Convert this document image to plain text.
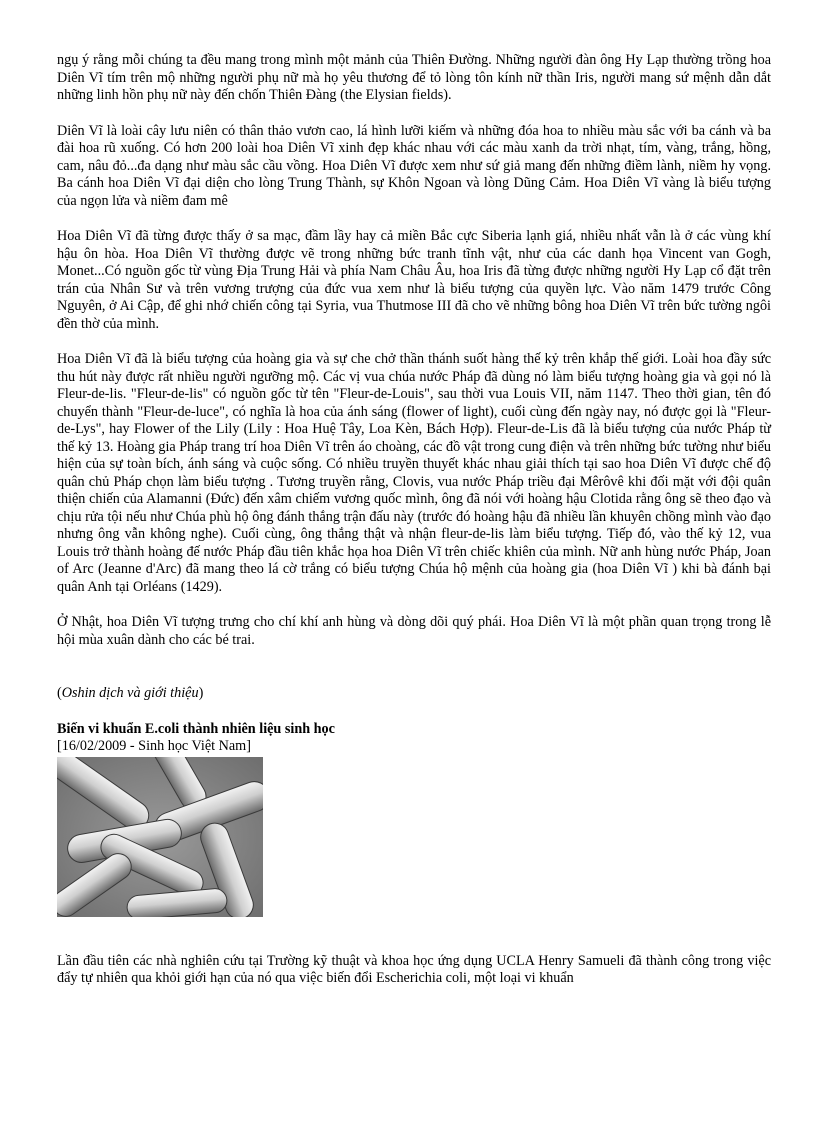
ngụ ý rằng mỗi chúng ta đều mang trong mình một mảnh của Thiên Đường. Những người đàn ông Hy Lạp thường trồng hoa Diên Vĩ tím trên mộ những người phụ nữ mà họ yêu thương để tỏ lòng tôn kính nữ thần Iris, người mang sứ mệnh dẫn dắt những linh hồn phụ nữ này đến chốn Thiên Đàng (the Elysian fields).

Diên Vĩ là loài cây lưu niên có thân thảo vươn cao, lá hình lưỡi kiếm và những đóa hoa to nhiều màu sắc với ba cánh và ba đài hoa rũ xuống. Có hơn 200 loài hoa Diên Vĩ xinh đẹp khác nhau với các màu xanh da trời nhạt, tím, vàng, trắng, hồng, cam, nâu đỏ...đa dạng như màu sắc cầu vồng. Hoa Diên Vĩ được xem như sứ giả mang đến những điềm lành, niềm hy vọng. Ba cánh hoa Diên Vĩ đại diện cho lòng Trung Thành, sự Khôn Ngoan và lòng Dũng Cảm. Hoa Diên Vĩ vàng là biểu tượng của ngọn lửa và niềm đam mê

Hoa Diên Vĩ đã từng được thấy ở sa mạc, đầm lầy hay cả miền Bắc cực Siberia lạnh giá, nhiều nhất vẫn là ở các vùng khí hậu ôn hòa. Hoa Diên Vĩ thường được vẽ trong những bức tranh tĩnh vật, như của các danh họa Vincent van Gogh, Monet...Có nguồn gốc từ vùng Địa Trung Hải và phía Nam Châu Âu, hoa Iris đã từng được những người Hy Lạp cổ đặt trên trán của Nhân Sư và trên vương trượng của đức vua xem như là biểu tượng của quyền lực. Vào năm 1479 trước Công Nguyên, ở Ai Cập, để ghi nhớ chiến công tại Syria, vua Thutmose III đã cho vẽ những bông hoa Diên Vĩ trên bức tường ngôi đền thờ của mình.

Hoa Diên Vĩ đã là biểu tượng của hoàng gia và sự che chở thần thánh suốt hàng thế kỷ trên khắp thế giới. Loài hoa đầy sức thu hút này được rất nhiều người ngưỡng mộ. Các vị vua chúa nước Pháp đã dùng nó làm biểu tượng hoàng gia và gọi nó là Fleur-de-lis. "Fleur-de-lis" có nguồn gốc từ tên "Fleur-de-Louis", sau thời vua Louis VII, năm 1147. Theo thời gian, tên đó chuyển thành "Fleur-de-luce", có nghĩa là hoa của ánh sáng (flower of light), cuối cùng đến ngày nay, nó được gọi là "Fleur-de-Lys", hay Flower of the Lily (Lily : Hoa Huệ Tây, Loa Kèn, Bách Hợp). Fleur-de-Lis đã là biểu tượng của nước Pháp từ thế kỷ 13. Hoàng gia Pháp trang trí hoa Diên Vĩ trên áo choàng, các đồ vật trong cung điện và trên những bức tường như biểu hiện của sự toàn bích, ánh sáng và cuộc sống. Có nhiều truyền thuyết khác nhau giải thích tại sao hoa Diên Vĩ được chế độ quân chủ Pháp chọn làm biểu tượng . Tương truyền rằng, Clovis, vua nước Pháp triều đại Mêrôvê khi đối mặt với đội quân thiện chiến của Alamanni (Đức) đến xâm chiếm vương quốc mình, ông đã nói với hoàng hậu Clotida rằng ông sẽ theo đạo và chịu rửa tội nếu như Chúa phù hộ ông đánh thắng trận đấu này (trước đó hoàng hậu đã nhiều lần khuyên chồng mình vào đạo nhưng ông vẫn không nghe). Cuối cùng, ông thắng thật và nhận fleur-de-lis làm biểu tượng. Tiếp đó, vào thế kỷ 12, vua Louis trở thành hoàng đế nước Pháp đầu tiên khắc họa hoa Diên Vĩ trên chiếc khiên của mình. Nữ anh hùng nước Pháp, Joan of Arc (Jeanne d'Arc) đã mang theo lá cờ trắng có biểu tượng Chúa hộ mệnh của hoàng gia (hoa Diên Vĩ ) khi bà đánh bại quân Anh tại Orléans (1429).

Ở Nhật, hoa Diên Vĩ tượng trưng cho chí khí anh hùng và dòng dõi quý phái. Hoa Diên Vĩ là một phần quan trọng trong lễ hội mùa xuân dành cho các bé trai.

(Oshin dịch và giới thiệu)

Biến vi khuẩn E.coli thành nhiên liệu sinh học

[16/02/2009 - Sinh học Việt Nam]

Lần đầu tiên các nhà nghiên cứu tại Trường kỹ thuật và khoa học ứng dụng UCLA Henry Samueli đã thành công trong việc đẩy tự nhiên qua khỏi giới hạn của nó qua việc biến đổi Escherichia coli, một loại vi khuẩn
